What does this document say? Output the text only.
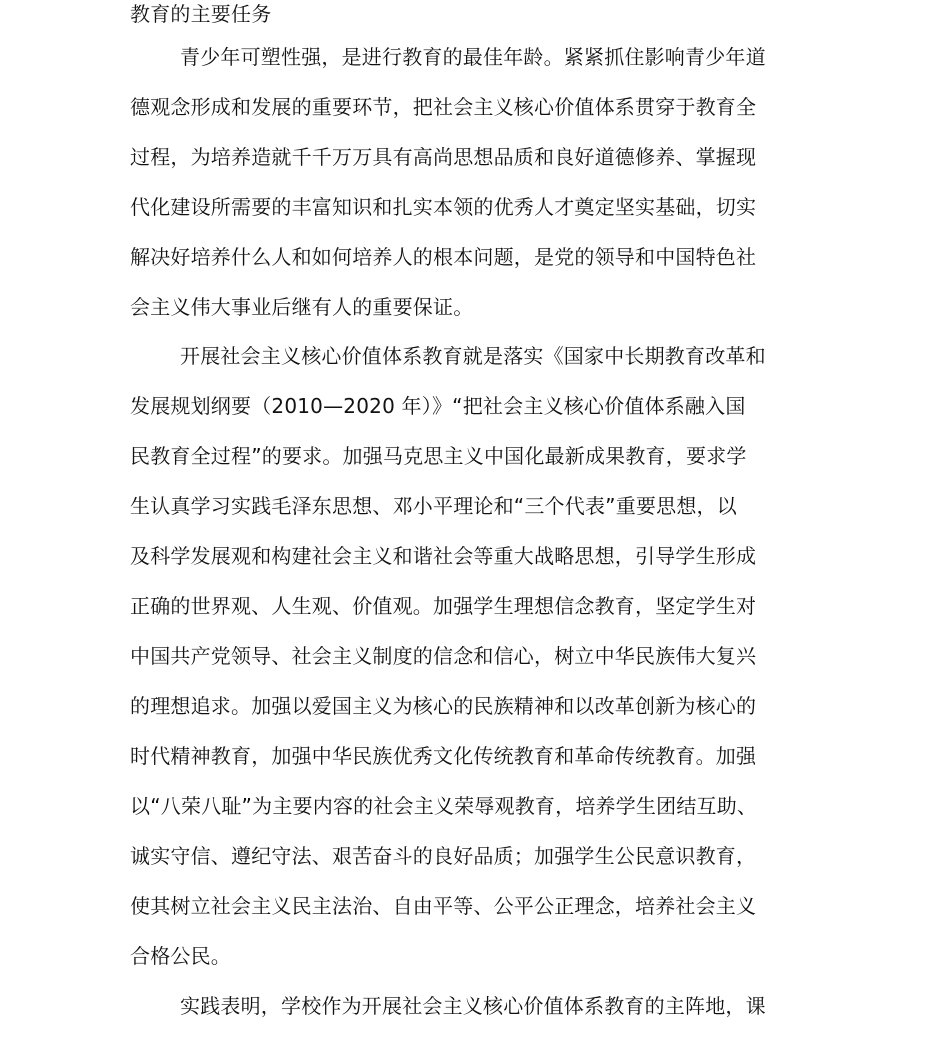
教育的主要任务
青少年可塑性强，是进行教育的最佳年龄。紧紧抓住影响青少年道
德观念形成和发展的重要环节，把社会主义核心价值体系贯穿于教育全
过程，为培养造就千千万万具有高尚思想品质和良好道德修养、掌握现
代化建设所需要的丰富知识和扎实本领的优秀人才奠定坚实基础，切实
解决好培养什么人和如何培养人的根本问题，是党的领导和中国特色社
会主义伟大事业后继有人的重要保证。
开展社会主义核心价值体系教育就是落实《国家中长期教育改革和
发展规划纲要（2010—2020 年）》“把社会主义核心价值体系融入国
民教育全过程”的要求。加强马克思主义中国化最新成果教育，要求学
生认真学习实践毛泽东思想、邓小平理论和“三个代表”重要思想，以
及科学发展观和构建社会主义和谐社会等重大战略思想，引导学生形成
正确的世界观、人生观、价值观。加强学生理想信念教育，坚定学生对
中国共产党领导、社会主义制度的信念和信心，树立中华民族伟大复兴
的理想追求。加强以爱国主义为核心的民族精神和以改革创新为核心的
时代精神教育，加强中华民族优秀文化传统教育和革命传统教育。加强
以“八荣八耻”为主要内容的社会主义荣辱观教育，培养学生团结互助、
诚实守信、遵纪守法、艰苦奋斗的良好品质；加强学生公民意识教育，
使其树立社会主义民主法治、自由平等、公平公正理念，培养社会主义
合格公民。
实践表明，学校作为开展社会主义核心价值体系教育的主阵地，课
